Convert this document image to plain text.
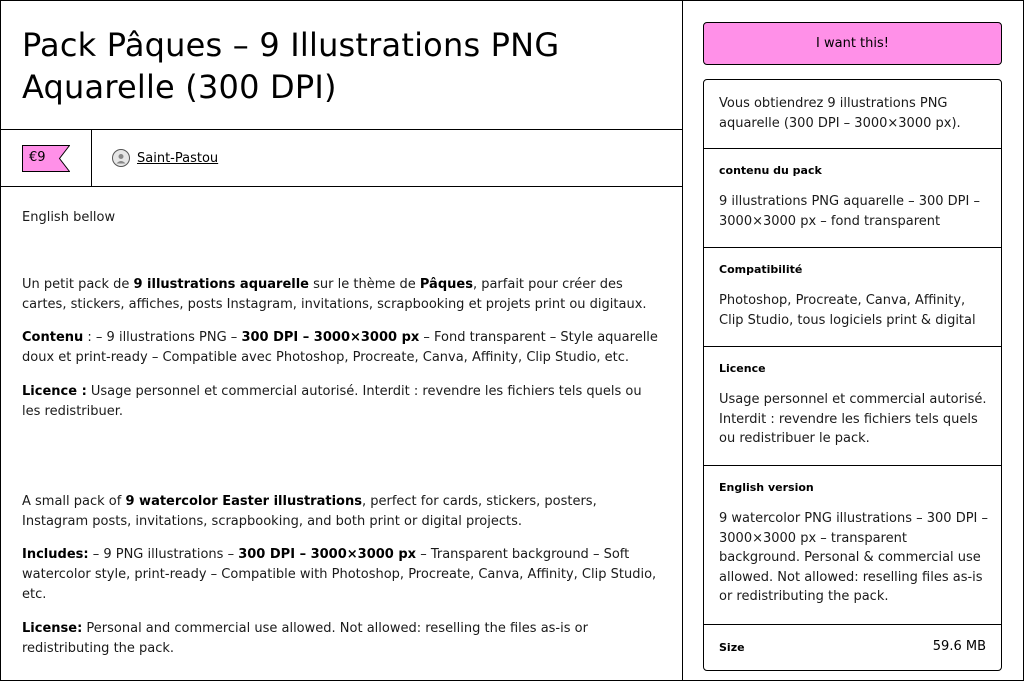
Pack Pâques – 9 Illustrations PNG
Aquarelle (300 DPI)
€9	Saint-Pastou

English bellow

Un petit pack de 9 illustrations aquarelle sur le thème de Pâques, parfait pour créer des cartes, stickers, affiches, posts Instagram, invitations, scrapbooking et projets print ou digitaux.

Contenu : – 9 illustrations PNG – 300 DPI – 3000×3000 px – Fond transparent – Style aquarelle doux et print-ready – Compatible avec Photoshop, Procreate, Canva, Affinity, Clip Studio, etc.

Licence : Usage personnel et commercial autorisé. Interdit : revendre les fichiers tels quels ou les redistribuer.

A small pack of 9 watercolor Easter illustrations, perfect for cards, stickers, posters, Instagram posts, invitations, scrapbooking, and both print or digital projects.

Includes: – 9 PNG illustrations – 300 DPI – 3000×3000 px – Transparent background – Soft watercolor style, print-ready – Compatible with Photoshop, Procreate, Canva, Affinity, Clip Studio, etc.

License: Personal and commercial use allowed. Not allowed: reselling the files as-is or redistributing the pack.

I want this!

Vous obtiendrez 9 illustrations PNG aquarelle (300 DPI – 3000×3000 px).

contenu du pack

9 illustrations PNG aquarelle – 300 DPI – 3000×3000 px – fond transparent

Compatibilité

Photoshop, Procreate, Canva, Affinity, Clip Studio, tous logiciels print & digital

Licence

Usage personnel et commercial autorisé. Interdit : revendre les fichiers tels quels ou redistribuer le pack.

English version

9 watercolor PNG illustrations – 300 DPI – 3000×3000 px – transparent background. Personal & commercial use allowed. Not allowed: reselling files as-is or redistributing the pack.

Size	59.6 MB
